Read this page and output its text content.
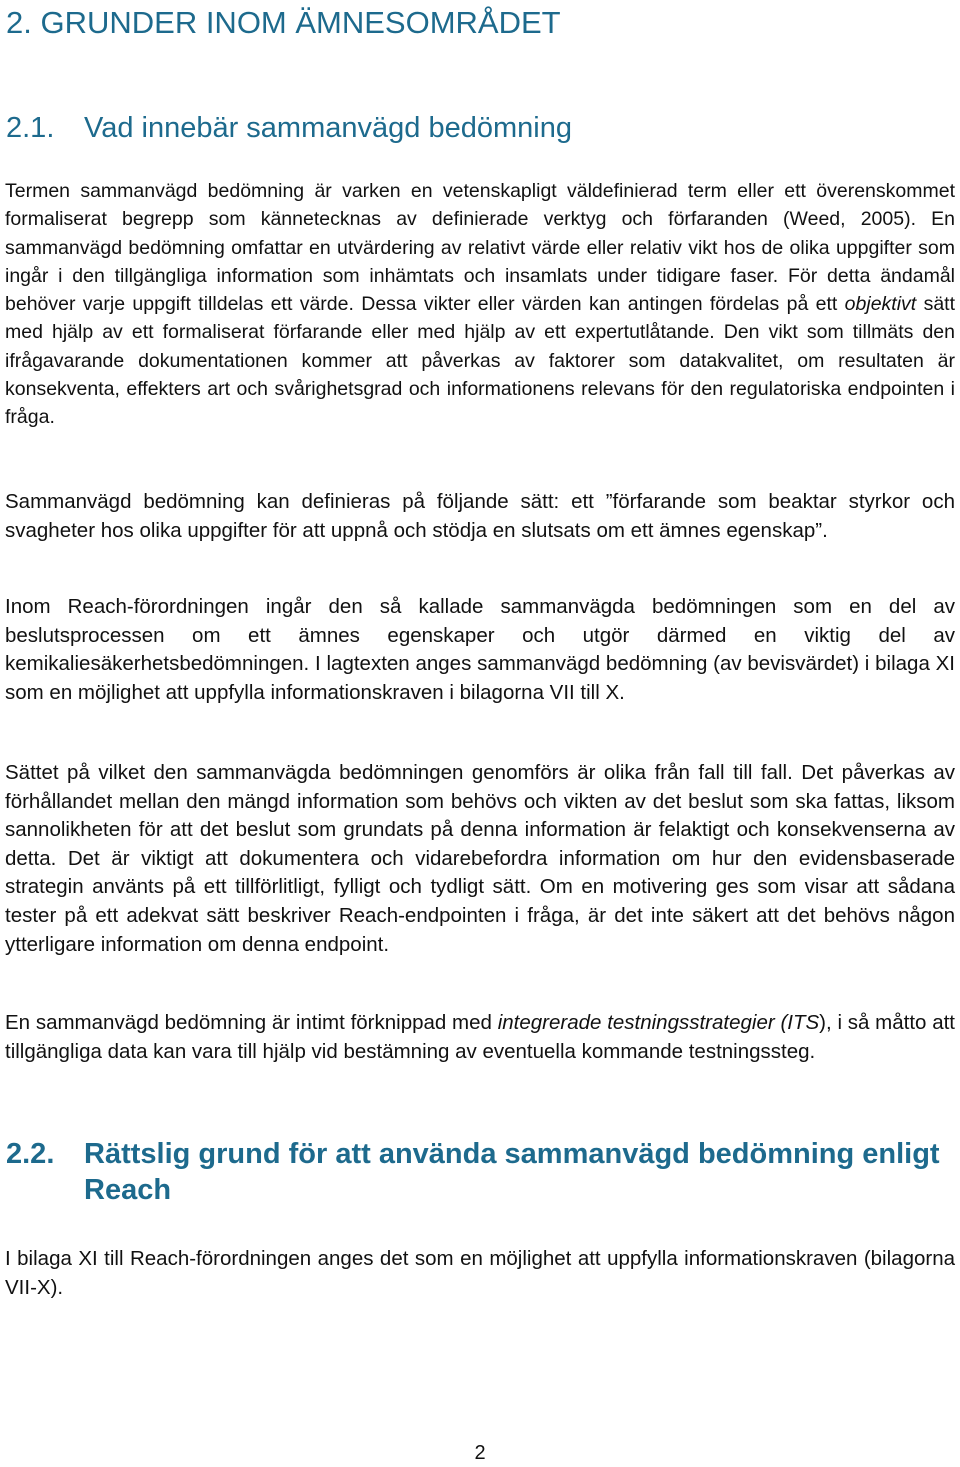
2. GRUNDER INOM ÄMNESOMRÅDET
2.1. Vad innebär sammanvägd bedömning

Termen sammanvägd bedömning är varken en vetenskapligt väldefinierad term eller ett överenskommet formaliserat begrepp som kännetecknas av definierade verktyg och förfaranden (Weed, 2005). En sammanvägd bedömning omfattar en utvärdering av relativt värde eller relativ vikt hos de olika uppgifter som ingår i den tillgängliga information som inhämtats och insamlats under tidigare faser. För detta ändamål behöver varje uppgift tilldelas ett värde. Dessa vikter eller värden kan antingen fördelas på ett objektivt sätt med hjälp av ett formaliserat förfarande eller med hjälp av ett expertutlåtande. Den vikt som tillmäts den ifrågavarande dokumentationen kommer att påverkas av faktorer som datakvalitet, om resultaten är konsekventa, effekters art och svårighetsgrad och informationens relevans för den regulatoriska endpointen i fråga.

Sammanvägd bedömning kan definieras på följande sätt: ett ”förfarande som beaktar styrkor och svagheter hos olika uppgifter för att uppnå och stödja en slutsats om ett ämnes egenskap”.

Inom Reach-förordningen ingår den så kallade sammanvägda bedömningen som en del av beslutsprocessen om ett ämnes egenskaper och utgör därmed en viktig del av kemikaliesäkerhetsbedömningen. I lagtexten anges sammanvägd bedömning (av bevisvärdet) i bilaga XI som en möjlighet att uppfylla informationskraven i bilagorna VII till X.

Sättet på vilket den sammanvägda bedömningen genomförs är olika från fall till fall. Det påverkas av förhållandet mellan den mängd information som behövs och vikten av det beslut som ska fattas, liksom sannolikheten för att det beslut som grundats på denna information är felaktigt och konsekvenserna av detta. Det är viktigt att dokumentera och vidarebefordra information om hur den evidensbaserade strategin använts på ett tillförlitligt, fylligt och tydligt sätt. Om en motivering ges som visar att sådana tester på ett adekvat sätt beskriver Reach-endpointen i fråga, är det inte säkert att det behövs någon ytterligare information om denna endpoint.

En sammanvägd bedömning är intimt förknippad med integrerade testningsstrategier (ITS), i så måtto att tillgängliga data kan vara till hjälp vid bestämning av eventuella kommande testningssteg.

2.2. Rättslig grund för att använda sammanvägd bedömning enligt Reach

I bilaga XI till Reach-förordningen anges det som en möjlighet att uppfylla informationskraven (bilagorna VII-X).

2
